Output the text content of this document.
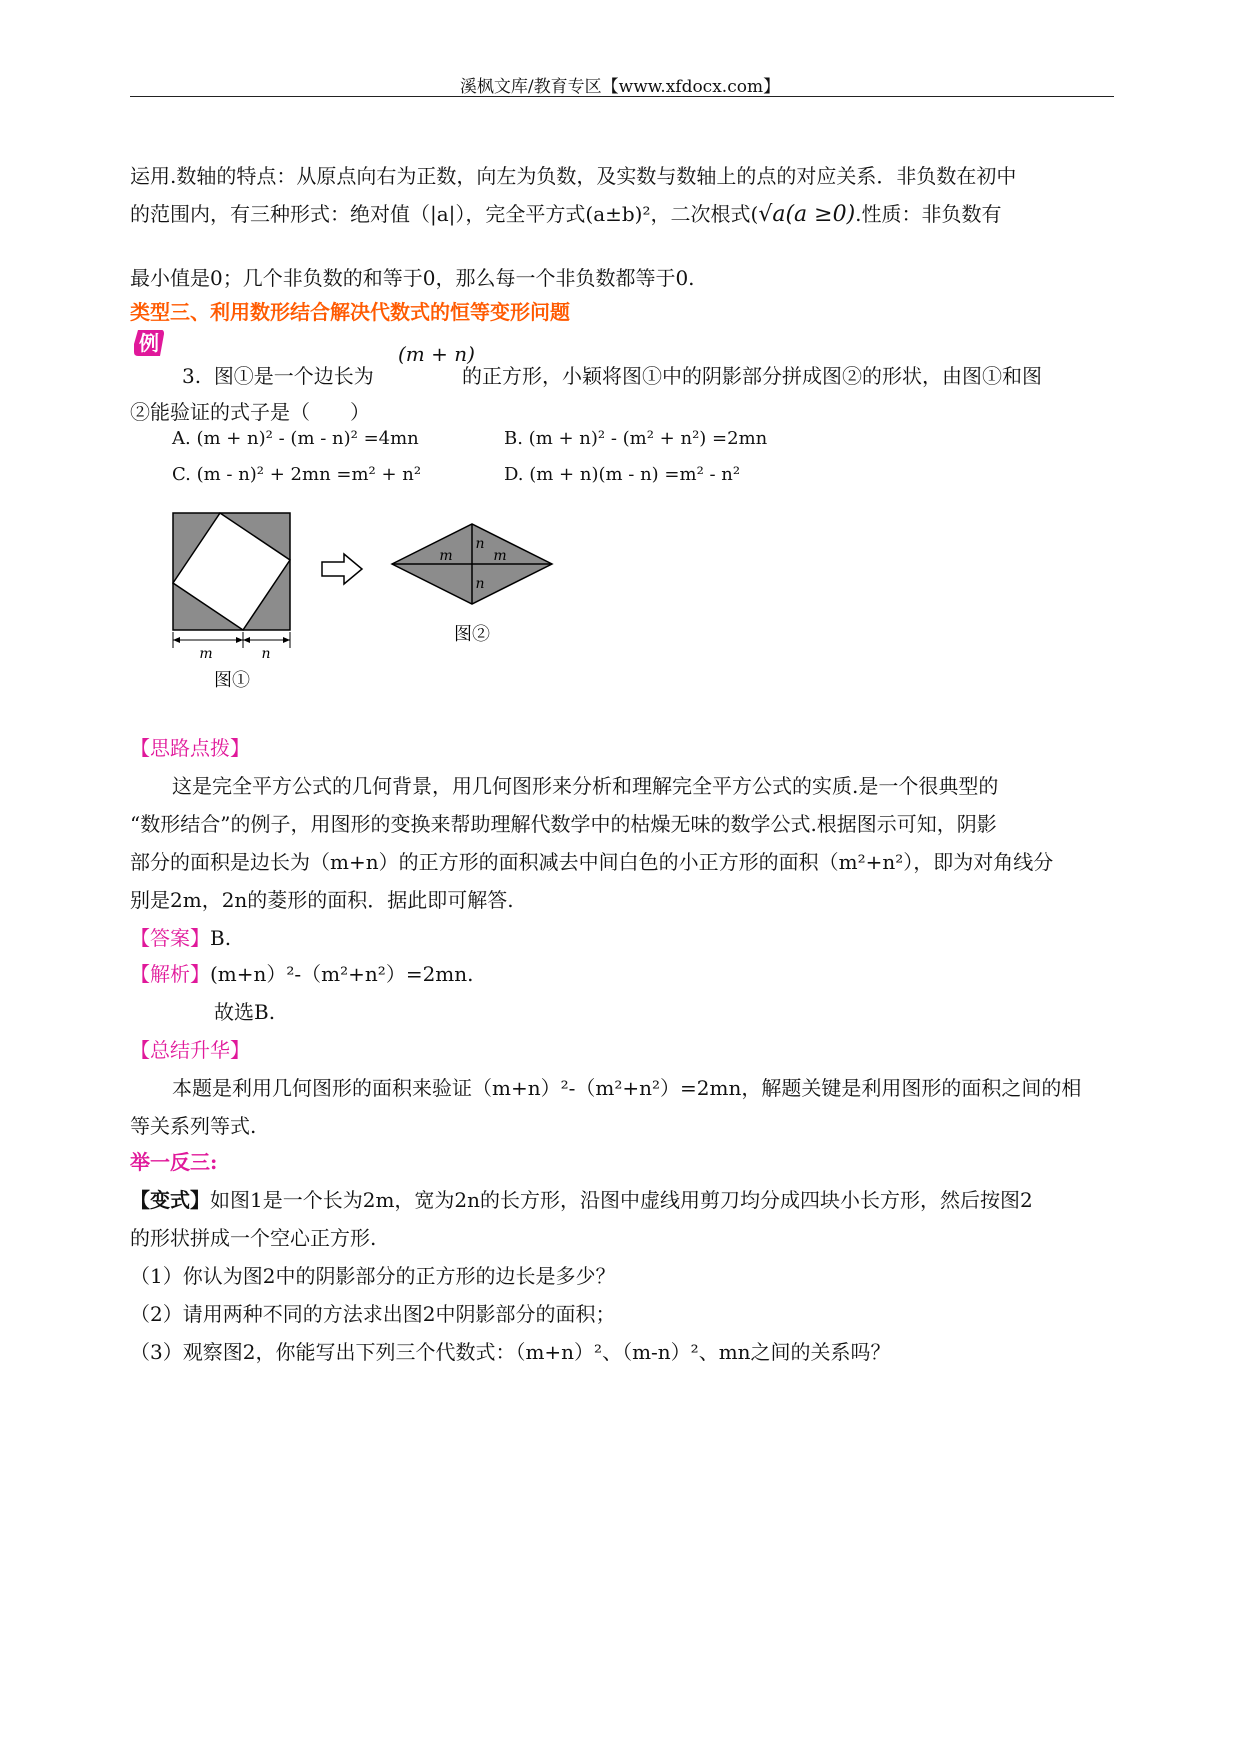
溪枫文库/教育专区【www.xfdocx.com】
运用.数轴的特点：从原点向右为正数，向左为负数，及实数与数轴上的点的对应关系．非负数在初中
的范围内，有三种形式：绝对值（|a|），完全平方式(a±b)²，二次根式(√a(a ≥0).性质：非负数有
最小值是0；几个非负数的和等于0，那么每一个非负数都等于0.
类型三、利用数形结合解决代数式的恒等变形问题
例
3. 图①是一个边长为
(m + n)
的正方形，小颖将图①中的阴影部分拼成图②的形状，由图①和图
②能验证的式子是（　　）
A. (m + n)² - (m - n)² =4mn	B. (m + n)² - (m² + n²) =2mn
C. (m - n)² + 2mn =m² + n²	D. (m + n)(m - n) =m² - n²
m	n
图①
m	m
n
n
图②
【思路点拨】
这是完全平方公式的几何背景，用几何图形来分析和理解完全平方公式的实质.是一个很典型的
“数形结合”的例子，用图形的变换来帮助理解代数学中的枯燥无味的数学公式.根据图示可知，阴影
部分的面积是边长为（m+n）的正方形的面积减去中间白色的小正方形的面积（m²+n²），即为对角线分
别是2m，2n的菱形的面积．据此即可解答.
【答案】B.
【解析】(m+n）²-（m²+n²）=2mn.
故选B.
【总结升华】
本题是利用几何图形的面积来验证（m+n）²-（m²+n²）=2mn，解题关键是利用图形的面积之间的相
等关系列等式.
举一反三:
【变式】如图1是一个长为2m，宽为2n的长方形，沿图中虚线用剪刀均分成四块小长方形，然后按图2
的形状拼成一个空心正方形.
（1）你认为图2中的阴影部分的正方形的边长是多少？
（2）请用两种不同的方法求出图2中阴影部分的面积；
（3）观察图2，你能写出下列三个代数式：（m+n）²、（m-n）²、mn之间的关系吗？
